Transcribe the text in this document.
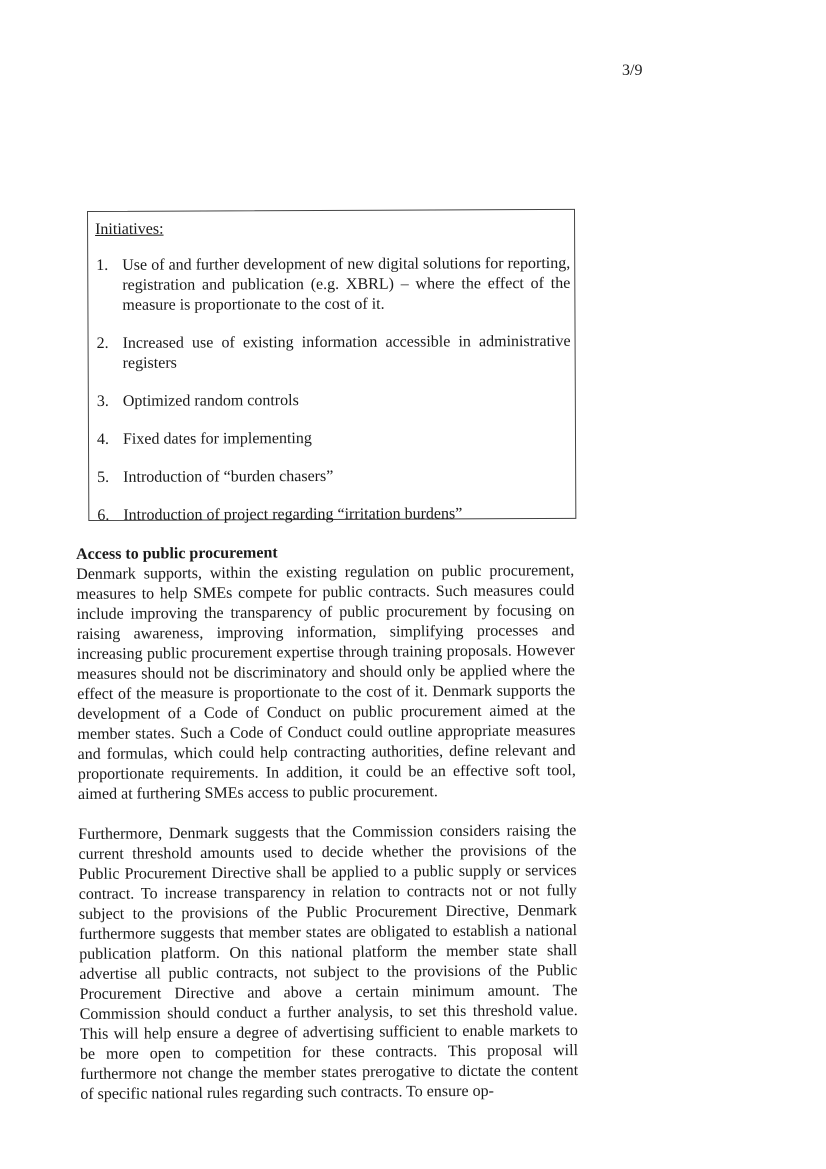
3/9
Initiatives:
1. Use of and further development of new digital solutions for reporting, registration and publication (e.g. XBRL) – where the effect of the measure is proportionate to the cost of it.
2. Increased use of existing information accessible in administrative registers
3. Optimized random controls
4. Fixed dates for implementing
5. Introduction of “burden chasers”
6. Introduction of project regarding “irritation burdens”
Access to public procurement

Denmark supports, within the existing regulation on public procurement, measures to help SMEs compete for public contracts. Such measures could include improving the transparency of public procurement by focusing on raising awareness, improving information, simplifying processes and increasing public procurement expertise through training proposals. However measures should not be discriminatory and should only be applied where the effect of the measure is proportionate to the cost of it. Denmark supports the development of a Code of Conduct on public procurement aimed at the member states. Such a Code of Conduct could outline appropriate measures and formulas, which could help contracting authorities, define relevant and proportionate requirements. In addition, it could be an effective soft tool, aimed at furthering SMEs access to public procurement.

Furthermore, Denmark suggests that the Commission considers raising the current threshold amounts used to decide whether the provisions of the Public Procurement Directive shall be applied to a public supply or services contract. To increase transparency in relation to contracts not or not fully subject to the provisions of the Public Procurement Directive, Denmark furthermore suggests that member states are obligated to establish a national publication platform. On this national platform the member state shall advertise all public contracts, not subject to the provisions of the Public Procurement Directive and above a certain minimum amount. The Commission should conduct a further analysis, to set this threshold value. This will help ensure a degree of advertising sufficient to enable markets to be more open to competition for these contracts. This proposal will furthermore not change the member states prerogative to dictate the content of specific national rules regarding such contracts. To ensure op-
